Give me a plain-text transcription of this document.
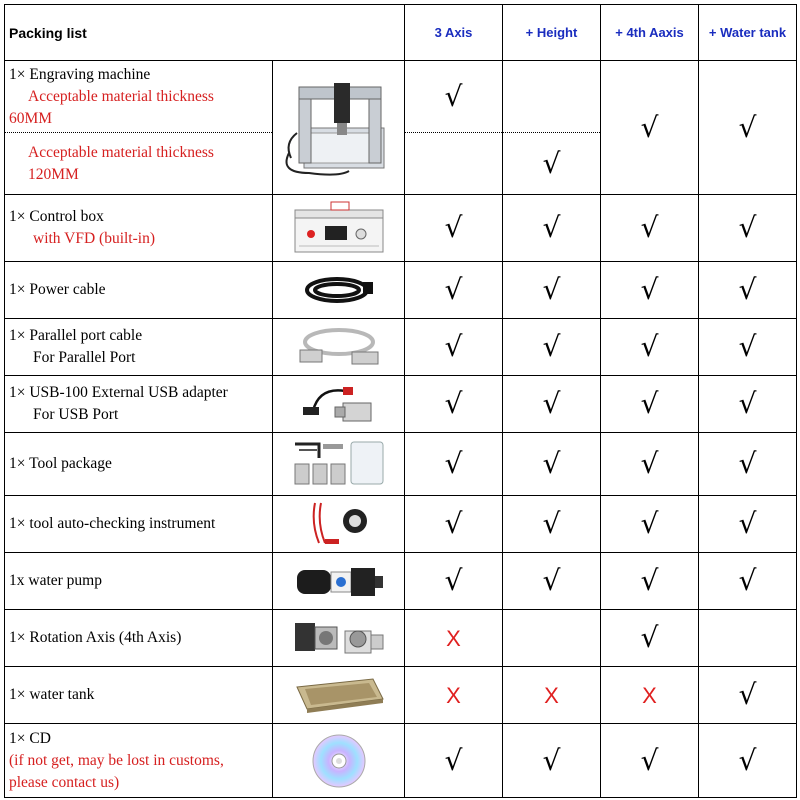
Packing list		3 Axis	+ Height	+ 4th Aaxis	+ Water tank
1× Engraving machine
Acceptable material thickness
60MM		√		√	√
Acceptable material thickness
120MM			√		
1× Control box
with VFD (built-in)		√	√	√	√
1× Power cable		√	√	√	√
1× Parallel port cable
For Parallel Port		√	√	√	√
1× USB-100 External USB adapter
For USB Port		√	√	√	√
1× Tool package		√	√	√	√
1× tool auto-checking instrument		√	√	√	√
1x water pump		√	√	√	√
1× Rotation Axis (4th Axis)		X		√	
1× water tank		X	X	X	√
1× CD
(if not get, may be lost in customs,
please contact us)		√	√	√	√
